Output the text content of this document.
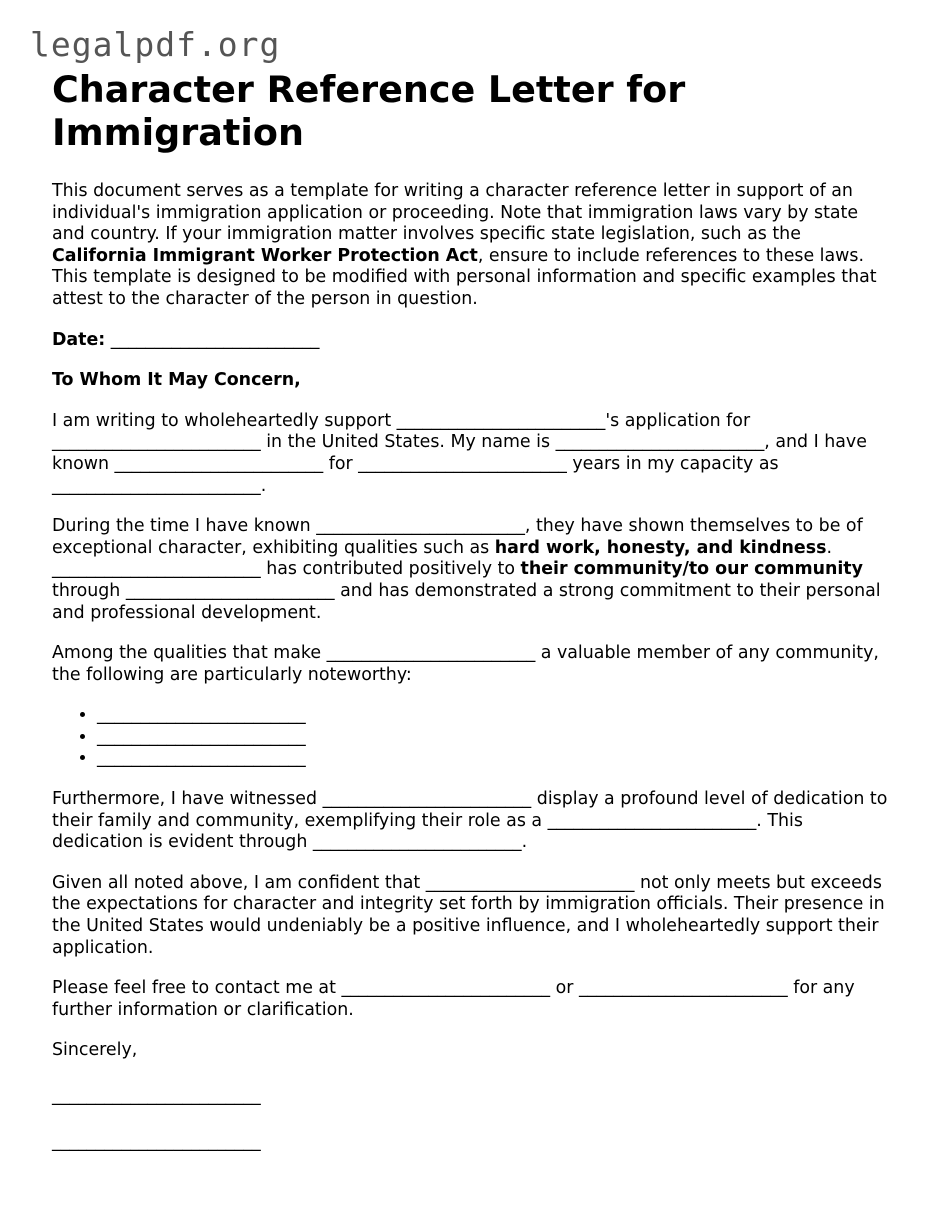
legalpdf.org
Character Reference Letter for Immigration

This document serves as a template for writing a character reference letter in support of an individual's immigration application or proceeding. Note that immigration laws vary by state and country. If your immigration matter involves specific state legislation, such as the California Immigrant Worker Protection Act, ensure to include references to these laws. This template is designed to be modified with personal information and specific examples that attest to the character of the person in question.

Date: ________________________

To Whom It May Concern,

I am writing to wholeheartedly support ________________________'s application for ________________________ in the United States. My name is ________________________, and I have known ________________________ for ________________________ years in my capacity as ________________________.

During the time I have known ________________________, they have shown themselves to be of exceptional character, exhibiting qualities such as hard work, honesty, and kindness. ________________________ has contributed positively to their community/to our community through ________________________ and has demonstrated a strong commitment to their personal and professional development.

Among the qualities that make ________________________ a valuable member of any community, the following are particularly noteworthy:

• ________________________
• ________________________
• ________________________

Furthermore, I have witnessed ________________________ display a profound level of dedication to their family and community, exemplifying their role as a ________________________. This dedication is evident through ________________________.

Given all noted above, I am confident that ________________________ not only meets but exceeds the expectations for character and integrity set forth by immigration officials. Their presence in the United States would undeniably be a positive influence, and I wholeheartedly support their application.

Please feel free to contact me at ________________________ or ________________________ for any further information or clarification.

Sincerely,

________________________

________________________
